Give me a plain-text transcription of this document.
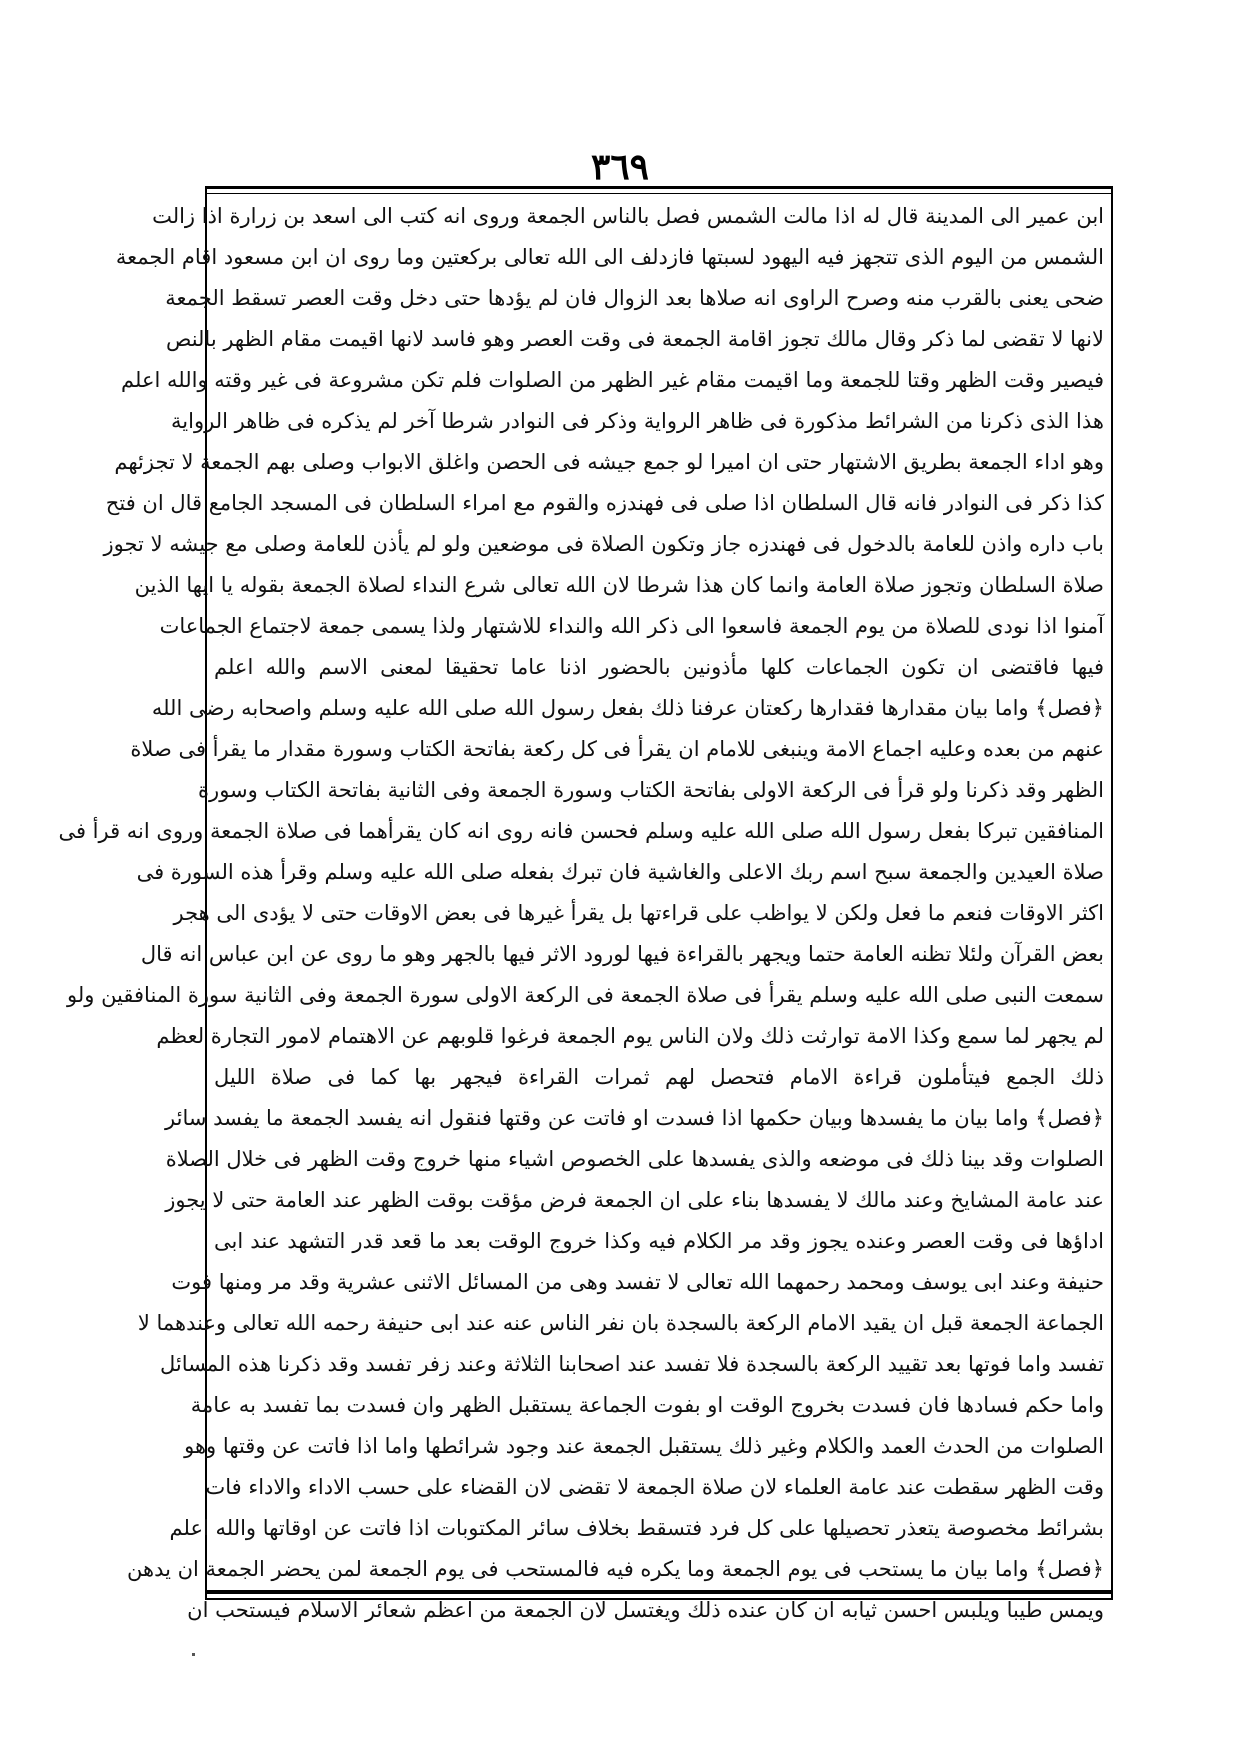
٣٦٩
ابن عمير الى المدينة قال له اذا مالت الشمس فصل بالناس الجمعة وروى انه كتب الى اسعد بن زرارة اذا زالت
الشمس من اليوم الذى تتجهز فيه اليهود لسبتها فازدلف الى الله تعالى بركعتين وما روى ان ابن مسعود اقام الجمعة
ضحى يعنى بالقرب منه وصرح الراوى انه صلاها بعد الزوال فان لم يؤدها حتى دخل وقت العصر تسقط الجمعة
لانها لا تقضى لما ذكر وقال مالك تجوز اقامة الجمعة فى وقت العصر وهو فاسد لانها اقيمت مقام الظهر بالنص
فيصير وقت الظهر وقتا للجمعة وما اقيمت مقام غير الظهر من الصلوات فلم تكن مشروعة فى غير وقته والله اعلم
هذا الذى ذكرنا من الشرائط مذكورة فى ظاهر الرواية وذكر فى النوادر شرطا آخر لم يذكره فى ظاهر الرواية
وهو اداء الجمعة بطريق الاشتهار حتى ان اميرا لو جمع جيشه فى الحصن واغلق الابواب وصلى بهم الجمعة لا تجزئهم
كذا ذكر فى النوادر فانه قال السلطان اذا صلى فى فهندزه والقوم مع امراء السلطان فى المسجد الجامع قال ان فتح
باب داره واذن للعامة بالدخول فى فهندزه جاز وتكون الصلاة فى موضعين ولو لم يأذن للعامة وصلى مع جيشه لا تجوز
صلاة السلطان وتجوز صلاة العامة وانما كان هذا شرطا لان الله تعالى شرع النداء لصلاة الجمعة بقوله يا ايها الذين
آمنوا اذا نودى للصلاة من يوم الجمعة فاسعوا الى ذكر الله والنداء للاشتهار ولذا يسمى جمعة لاجتماع الجماعات
فيها فاقتضى ان تكون الجماعات كلها مأذونين بالحضور اذنا عاما تحقيقا لمعنى الاسم والله اعلم
﴿فصل﴾ واما بيان مقدارها فقدارها ركعتان عرفنا ذلك بفعل رسول الله صلى الله عليه وسلم واصحابه رضى الله
عنهم من بعده وعليه اجماع الامة وينبغى للامام ان يقرأ فى كل ركعة بفاتحة الكتاب وسورة مقدار ما يقرأ فى صلاة
الظهر وقد ذكرنا ولو قرأ فى الركعة الاولى بفاتحة الكتاب وسورة الجمعة وفى الثانية بفاتحة الكتاب وسورة
المنافقين تبركا بفعل رسول الله صلى الله عليه وسلم فحسن فانه روى انه كان يقرأهما فى صلاة الجمعة وروى انه قرأ فى
صلاة العيدين والجمعة سبح اسم ربك الاعلى والغاشية فان تبرك بفعله صلى الله عليه وسلم وقرأ هذه السورة فى
اكثر الاوقات فنعم ما فعل ولكن لا يواظب على قراءتها بل يقرأ غيرها فى بعض الاوقات حتى لا يؤدى الى هجر
بعض القرآن ولئلا تظنه العامة حتما ويجهر بالقراءة فيها لورود الاثر فيها بالجهر وهو ما روى عن ابن عباس انه قال
سمعت النبى صلى الله عليه وسلم يقرأ فى صلاة الجمعة فى الركعة الاولى سورة الجمعة وفى الثانية سورة المنافقين ولو
لم يجهر لما سمع وكذا الامة توارثت ذلك ولان الناس يوم الجمعة فرغوا قلوبهم عن الاهتمام لامور التجارة لعظم
ذلك الجمع فيتأملون قراءة الامام فتحصل لهم ثمرات القراءة فيجهر بها كما فى صلاة الليل
﴿فصل﴾ واما بيان ما يفسدها وبيان حكمها اذا فسدت او فاتت عن وقتها فنقول انه يفسد الجمعة ما يفسد سائر
الصلوات وقد بينا ذلك فى موضعه والذى يفسدها على الخصوص اشياء منها خروج وقت الظهر فى خلال الصلاة
عند عامة المشايخ وعند مالك لا يفسدها بناء على ان الجمعة فرض مؤقت بوقت الظهر عند العامة حتى لا يجوز
اداؤها فى وقت العصر وعنده يجوز وقد مر الكلام فيه وكذا خروج الوقت بعد ما قعد قدر التشهد عند ابى
حنيفة وعند ابى يوسف ومحمد رحمهما الله تعالى لا تفسد وهى من المسائل الاثنى عشرية وقد مر ومنها فوت
الجماعة الجمعة قبل ان يقيد الامام الركعة بالسجدة بان نفر الناس عنه عند ابى حنيفة رحمه الله تعالى وعندهما لا
تفسد واما فوتها بعد تقييد الركعة بالسجدة فلا تفسد عند اصحابنا الثلاثة وعند زفر تفسد وقد ذكرنا هذه المسائل
واما حكم فسادها فان فسدت بخروج الوقت او بفوت الجماعة يستقبل الظهر وان فسدت بما تفسد به عامة
الصلوات من الحدث العمد والكلام وغير ذلك يستقبل الجمعة عند وجود شرائطها واما اذا فاتت عن وقتها وهو
وقت الظهر سقطت عند عامة العلماء لان صلاة الجمعة لا تقضى لان القضاء على حسب الاداء والاداء فات
بشرائط مخصوصة يتعذر تحصيلها على كل فرد فتسقط بخلاف سائر المكتوبات اذا فاتت عن اوقاتها والله اعلم
﴿فصل﴾ واما بيان ما يستحب فى يوم الجمعة وما يكره فيه فالمستحب فى يوم الجمعة لمن يحضر الجمعة ان يدهن
ويمس طيبا ويلبس احسن ثيابه ان كان عنده ذلك ويغتسل لان الجمعة من اعظم شعائر الاسلام فيستحب ان
